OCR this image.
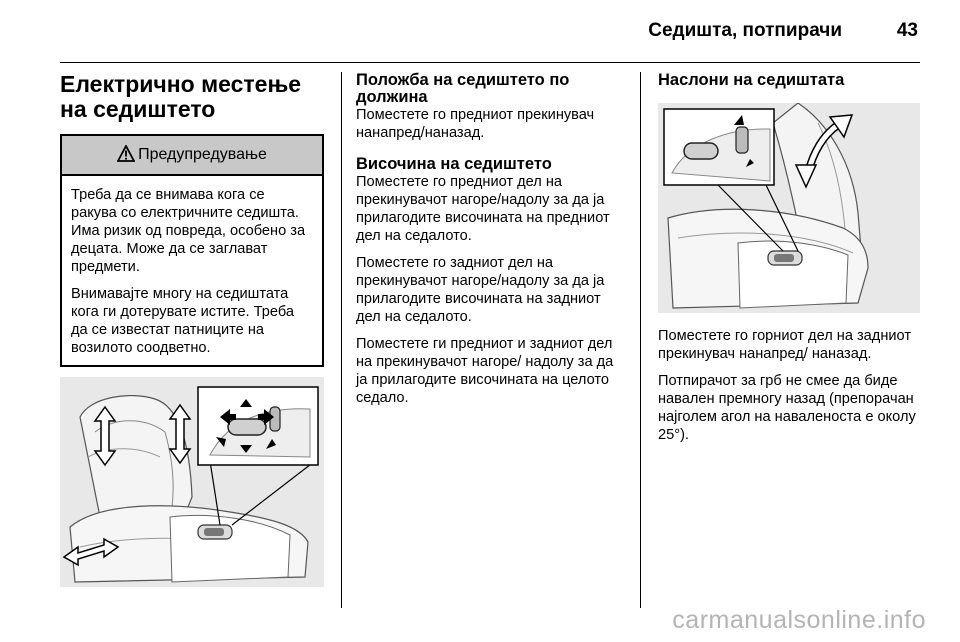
Седишта, потпирачи	43
Електрично местење на седиштето
Предупредување

Треба да се внимава кога се ракува со електричните седишта. Има ризик од повреда, особено за децата. Може да се заглават предмети.

Внимавајте многу на седиштата кога ги дотерувате истите. Треба да се известат патниците на возилото соодветно.

Положба на седиштето по должина

Поместете го предниот прекинувач нанапред/наназад.

Височина на седиштето

Поместете го предниот дел на прекинувачот нагоре/надолу за да ја прилагодите височината на предниот дел на седалото.

Поместете го задниот дел на прекинувачот нагоре/надолу за да ја прилагодите височината на задниот дел на седалото.

Поместете ги предниот и задниот дел на прекинувачот нагоре/ надолу за да ја прилагодите височината на целото седало.

Наслони на седиштата

Поместете го горниот дел на задниот прекинувач нанапред/ наназад.

Потпирачот за грб не смее да биде навален премногу назад (препорачан најголем агол на наваленоста е околу 25°).

carmanualsonline.info
